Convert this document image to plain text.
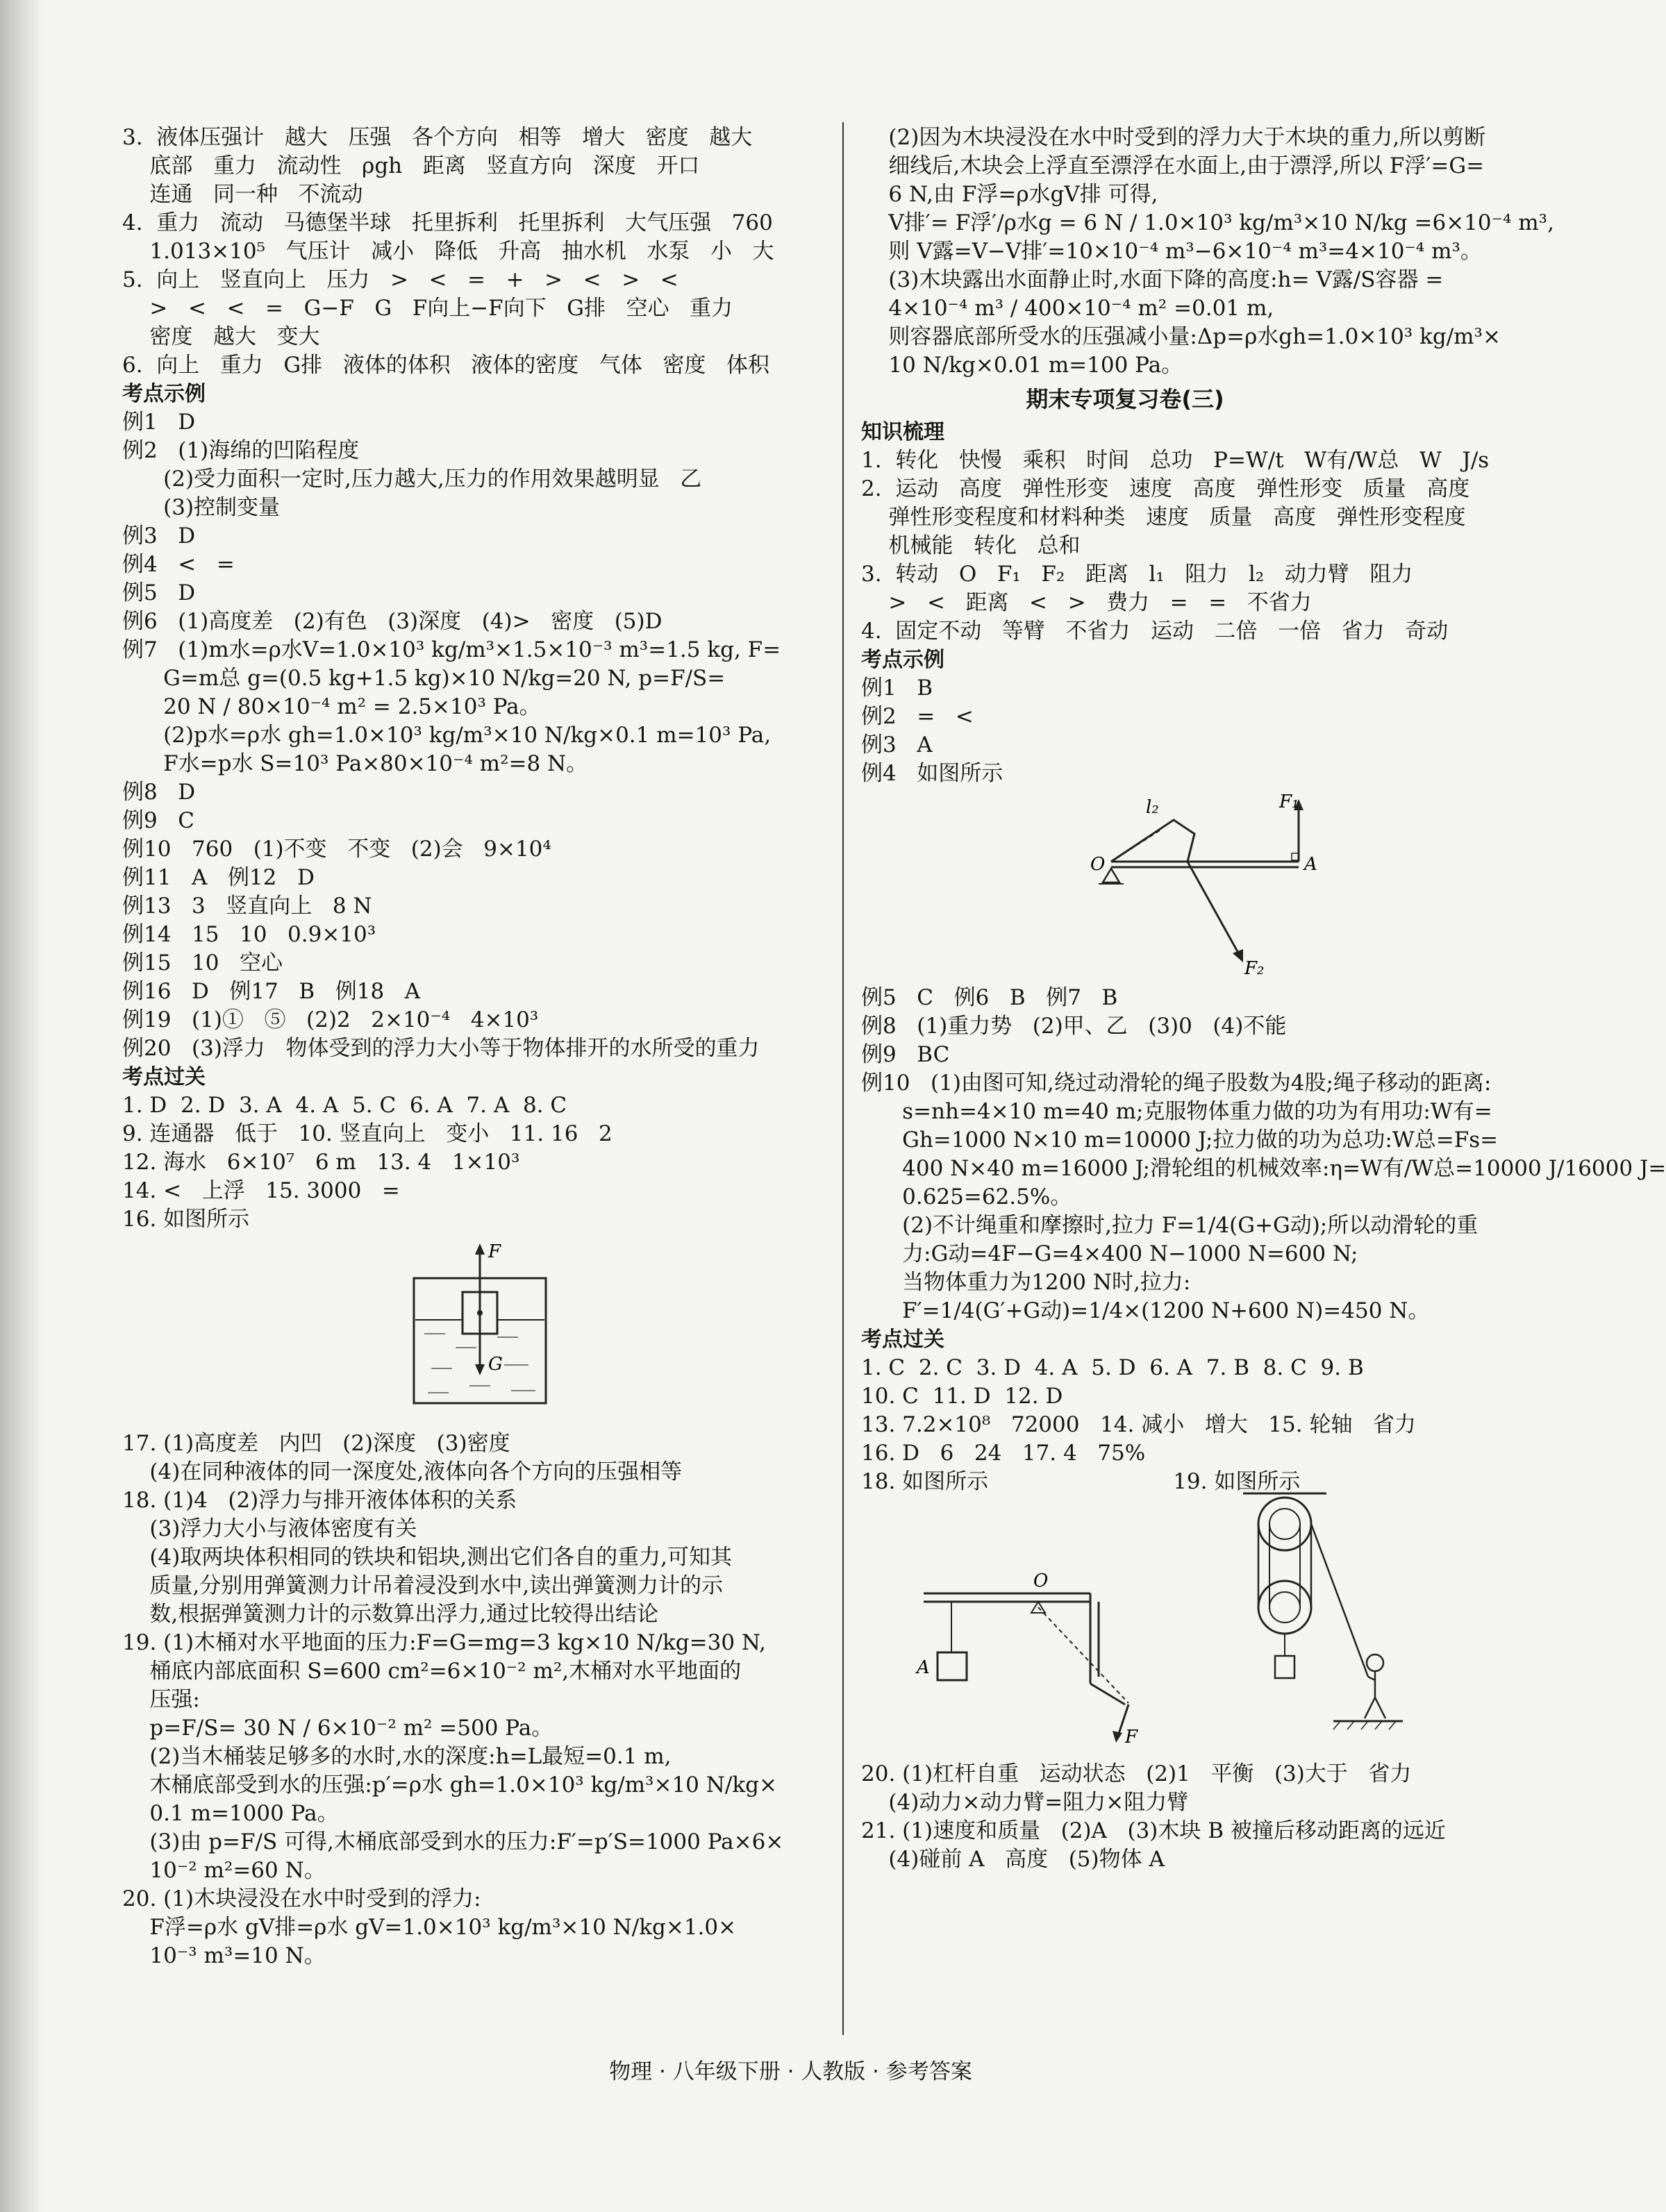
3.  液体压强计   越大   压强   各个方向   相等   增大   密度   越大
底部   重力   流动性   ρgh   距离   竖直方向   深度   开口
连通   同一种   不流动
4.  重力   流动   马德堡半球   托里拆利   托里拆利   大气压强   760
1.013×10⁵   气压计   减小   降低   升高   抽水机   水泵   小   大
5.  向上   竖直向上   压力   >   <   =   +   >   <   >   <
>   <   <   =   G−F   G   F向上−F向下   G排   空心   重力
密度   越大   变大
6.  向上   重力   G排   液体的体积   液体的密度   气体   密度   体积
考点示例
例1   D
例2   (1)海绵的凹陷程度
(2)受力面积一定时,压力越大,压力的作用效果越明显   乙
(3)控制变量
例3   D
例4   <   =
例5   D
例6   (1)高度差   (2)有色   (3)深度   (4)>   密度   (5)D
例7   (1)m水=ρ水V=1.0×10³ kg/m³×1.5×10⁻³ m³=1.5 kg, F=
G=m总 g=(0.5 kg+1.5 kg)×10 N/kg=20 N, p=F/S=
20 N / 80×10⁻⁴ m² = 2.5×10³ Pa。
(2)p水=ρ水 gh=1.0×10³ kg/m³×10 N/kg×0.1 m=10³ Pa,
F水=p水 S=10³ Pa×80×10⁻⁴ m²=8 N。
例8   D
例9   C
例10   760   (1)不变   不变   (2)会   9×10⁴
例11   A   例12   D
例13   3   竖直向上   8 N
例14   15   10   0.9×10³
例15   10   空心
例16   D   例17   B   例18   A
例19   (1)①   ⑤   (2)2   2×10⁻⁴   4×10³
例20   (3)浮力   物体受到的浮力大小等于物体排开的水所受的重力
考点过关
1. D  2. D  3. A  4. A  5. C  6. A  7. A  8. C
9. 连通器   低于   10. 竖直向上   变小   11. 16   2
12. 海水   6×10⁷   6 m   13. 4   1×10³
14. <   上浮   15. 3000   =
16. 如图所示
F
G
17. (1)高度差   内凹   (2)深度   (3)密度
(4)在同种液体的同一深度处,液体向各个方向的压强相等
18. (1)4   (2)浮力与排开液体体积的关系
(3)浮力大小与液体密度有关
(4)取两块体积相同的铁块和铝块,测出它们各自的重力,可知其
质量,分别用弹簧测力计吊着浸没到水中,读出弹簧测力计的示
数,根据弹簧测力计的示数算出浮力,通过比较得出结论
19. (1)木桶对水平地面的压力:F=G=mg=3 kg×10 N/kg=30 N,
桶底内部底面积 S=600 cm²=6×10⁻² m²,木桶对水平地面的
压强:
p=F/S= 30 N / 6×10⁻² m² =500 Pa。
(2)当木桶装足够多的水时,水的深度:h=L最短=0.1 m,
木桶底部受到水的压强:p′=ρ水 gh=1.0×10³ kg/m³×10 N/kg×
0.1 m=1000 Pa。
(3)由 p=F/S 可得,木桶底部受到水的压力:F′=p′S=1000 Pa×6×
10⁻² m²=60 N。
20. (1)木块浸没在水中时受到的浮力:
F浮=ρ水 gV排=ρ水 gV=1.0×10³ kg/m³×10 N/kg×1.0×
10⁻³ m³=10 N。
(2)因为木块浸没在水中时受到的浮力大于木块的重力,所以剪断
细线后,木块会上浮直至漂浮在水面上,由于漂浮,所以 F浮′=G=
6 N,由 F浮=ρ水gV排 可得,
V排′= F浮′/ρ水g = 6 N / 1.0×10³ kg/m³×10 N/kg =6×10⁻⁴ m³,
则 V露=V−V排′=10×10⁻⁴ m³−6×10⁻⁴ m³=4×10⁻⁴ m³。
(3)木块露出水面静止时,水面下降的高度:h= V露/S容器 =
4×10⁻⁴ m³ / 400×10⁻⁴ m² =0.01 m,
则容器底部所受水的压强减小量:Δp=ρ水gh=1.0×10³ kg/m³×
10 N/kg×0.01 m=100 Pa。
期末专项复习卷(三)
知识梳理
1.  转化   快慢   乘积   时间   总功   P=W/t   W有/W总   W   J/s
2.  运动   高度   弹性形变   速度   高度   弹性形变   质量   高度
弹性形变程度和材料种类   速度   质量   高度   弹性形变程度
机械能   转化   总和
3.  转动   O   F₁   F₂   距离   l₁   阻力   l₂   动力臂   阻力
>   <   距离   <   >   费力   =   =   不省力
4.  固定不动   等臂   不省力   运动   二倍   一倍   省力   奇动
考点示例
例1   B
例2   =   <
例3   A
例4   如图所示
l₂	F₁
O	A
F₂
例5   C   例6   B   例7   B
例8   (1)重力势   (2)甲、乙   (3)0   (4)不能
例9   BC
例10   (1)由图可知,绕过动滑轮的绳子股数为4股;绳子移动的距离:
s=nh=4×10 m=40 m;克服物体重力做的功为有用功:W有=
Gh=1000 N×10 m=10000 J;拉力做的功为总功:W总=Fs=
400 N×40 m=16000 J;滑轮组的机械效率:η=W有/W总=10000 J/16000 J=
0.625=62.5%。
(2)不计绳重和摩擦时,拉力 F=1/4(G+G动);所以动滑轮的重
力:G动=4F−G=4×400 N−1000 N=600 N;
当物体重力为1200 N时,拉力:
F′=1/4(G′+G动)=1/4×(1200 N+600 N)=450 N。
考点过关
1. C  2. C  3. D  4. A  5. D  6. A  7. B  8. C  9. B
10. C  11. D  12. D
13. 7.2×10⁸   72000   14. 减小   增大   15. 轮轴   省力
16. D   6   24   17. 4   75%
18. 如图所示                           19. 如图所示
O
A
F
20. (1)杠杆自重   运动状态   (2)1   平衡   (3)大于   省力
(4)动力×动力臂=阻力×阻力臂
21. (1)速度和质量   (2)A   (3)木块 B 被撞后移动距离的远近
(4)碰前 A   高度   (5)物体 A
物理 · 八年级下册 · 人教版 · 参考答案
